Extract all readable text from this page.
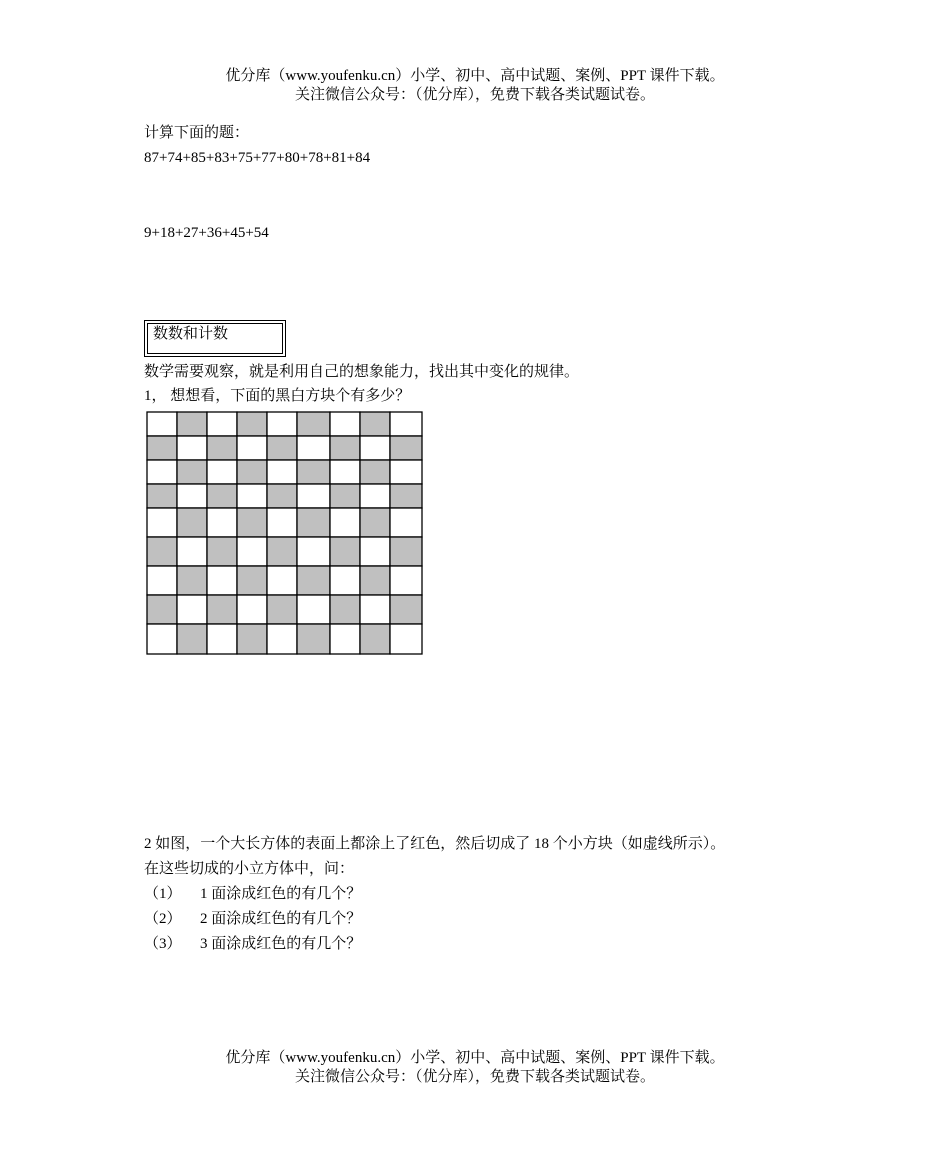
优分库（www.youfenku.cn）小学、初中、高中试题、案例、PPT 课件下载。
关注微信公众号：（优分库），免费下载各类试题试卷。
计算下面的题：
87+74+85+83+75+77+80+78+81+84
9+18+27+36+45+54
数数和计数
数学需要观察，就是利用自己的想象能力，找出其中变化的规律。
1， 想想看，下面的黑白方块个有多少？
2 如图，一个大长方体的表面上都涂上了红色，然后切成了 18 个小方块（如虚线所示）。
在这些切成的小立方体中，问：
（1） 1 面涂成红色的有几个？
（2） 2 面涂成红色的有几个？
（3） 3 面涂成红色的有几个？
优分库（www.youfenku.cn）小学、初中、高中试题、案例、PPT 课件下载。
关注微信公众号：（优分库），免费下载各类试题试卷。
